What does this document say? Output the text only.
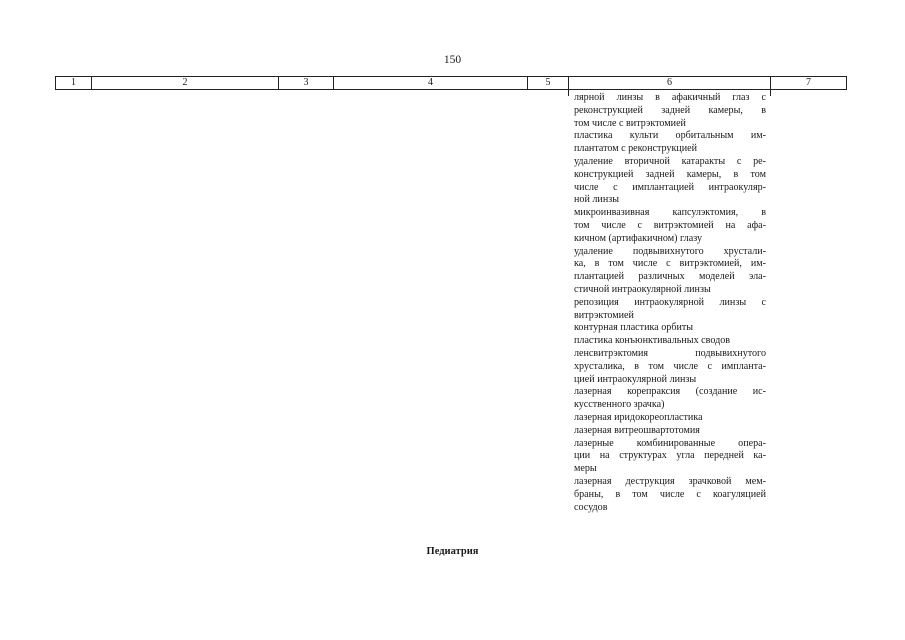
150
1	2	3	4	5	6	7
лярной линзы в афакичный глаз с
реконструкцией задней камеры, в
том числе с витрэктомией
пластика культи орбитальным им-
плантатом с реконструкцией
удаление вторичной катаракты с ре-
конструкцией задней камеры, в том
числе с имплантацией интраокуляр-
ной линзы
микроинвазивная капсулэктомия, в
том числе с витрэктомией на афа-
кичном (артифакичном) глазу
удаление подвывихнутого хрустали-
ка, в том числе с витрэктомией, им-
плантацией различных моделей эла-
стичной интраокулярной линзы
репозиция интраокулярной линзы с
витрэктомией
контурная пластика орбиты
пластика конъюнктивальных сводов
ленсвитрэктомия подвывихнутого
хрусталика, в том числе с импланта-
цией интраокулярной линзы
лазерная корепраксия (создание ис-
кусственного зрачка)
лазерная иридокореопластика
лазерная витреошвартотомия
лазерные комбинированные опера-
ции на структурах угла передней ка-
меры
лазерная деструкция зрачковой мем-
браны, в том числе с коагуляцией
сосудов
Педиатрия
